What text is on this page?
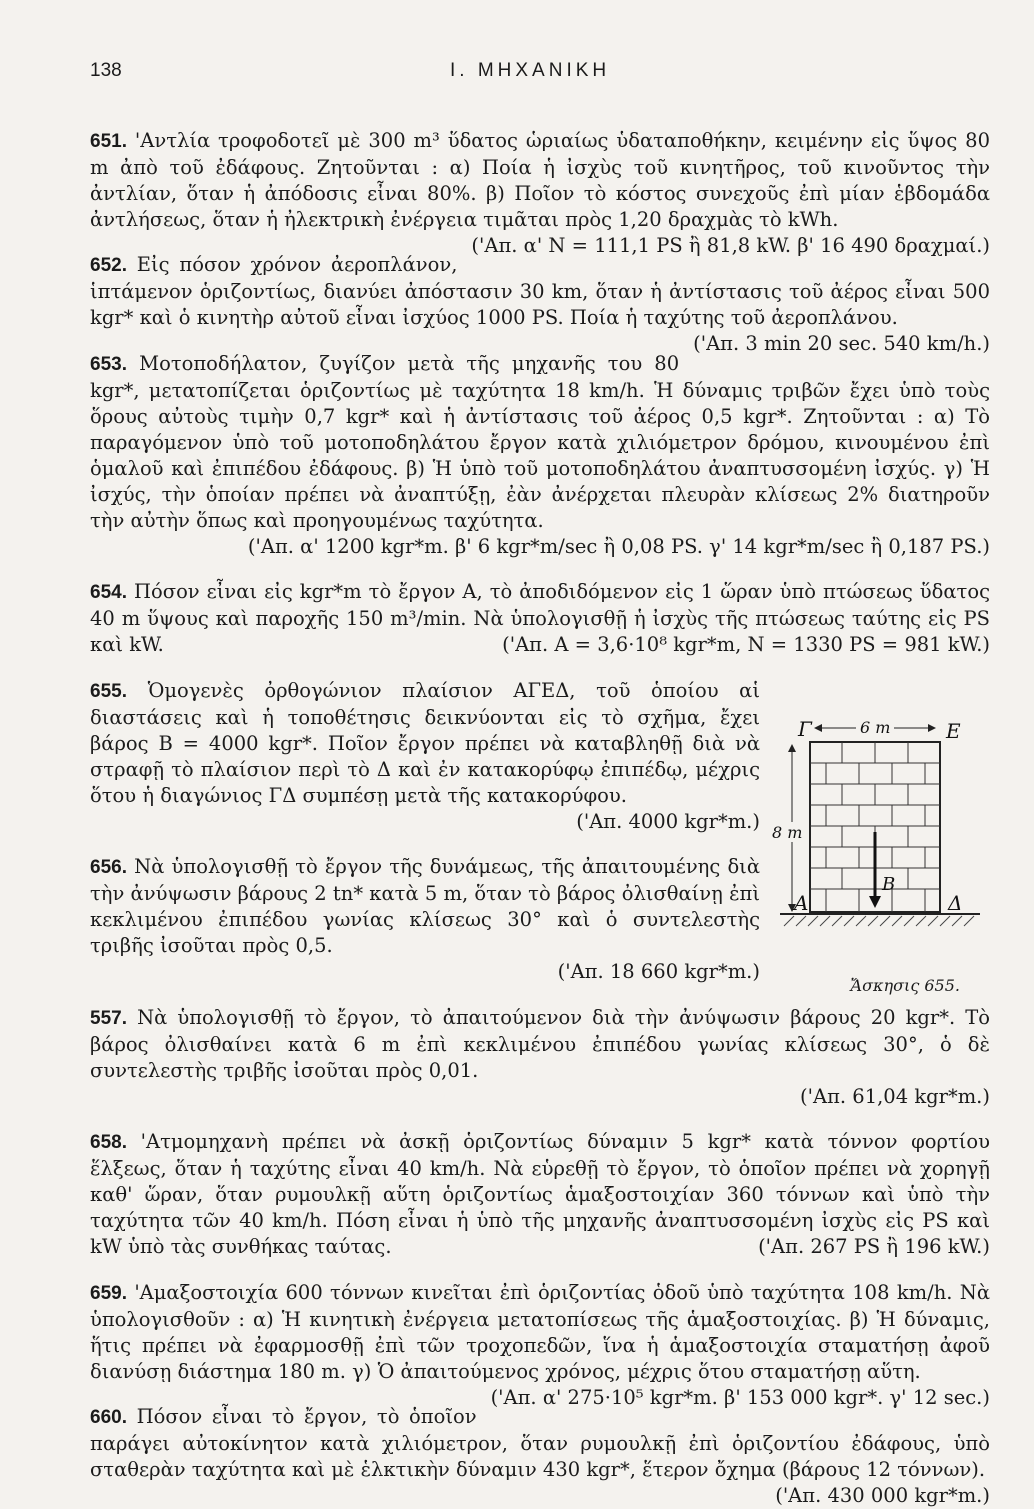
138	I. ΜΗΧΑΝΙΚΗ

651. 'Αντλία τροφοδοτεῖ μὲ 300 m³ ὕδατος ὡριαίως ὑδαταποθήκην, κειμένην εἰς ὕψος 80 m ἀπὸ τοῦ ἐδάφους. Ζητοῦνται : α) Ποία ἡ ἰσχὺς τοῦ κινητῆρος, τοῦ κινοῦντος τὴν ἀντλίαν, ὅταν ἡ ἀπόδοσις εἶναι 80%. β) Ποῖον τὸ κόστος συνεχοῦς ἐπὶ μίαν ἑβδομάδα ἀντλήσεως, ὅταν ἡ ἠλεκτρικὴ ἐνέργεια τιμᾶται πρὸς 1,20 δραχμὰς τὸ kWh.
('Απ. α' N = 111,1 PS ἢ 81,8 kW. β' 16 490 δραχμαί.)

652. Εἰς πόσον χρόνον ἀεροπλάνον, ἱπτάμενον ὁριζοντίως, διανύει ἀπόστασιν 30 km, ὅταν ἡ ἀντίστασις τοῦ ἀέρος εἶναι 500 kgr* καὶ ὁ κινητὴρ αὐτοῦ εἶναι ἰσχύος 1000 PS. Ποία ἡ ταχύτης τοῦ ἀεροπλάνου.
('Απ. 3 min 20 sec. 540 km/h.)

653. Μοτοποδήλατον, ζυγίζον μετὰ τῆς μηχανῆς του 80 kgr*, μετατοπίζεται ὁριζοντίως μὲ ταχύτητα 18 km/h. Ἡ δύναμις τριβῶν ἔχει ὑπὸ τοὺς ὅρους αὐτοὺς τιμὴν 0,7 kgr* καὶ ἡ ἀντίστασις τοῦ ἀέρος 0,5 kgr*. Ζητοῦνται : α) Τὸ παραγόμενον ὑπὸ τοῦ μοτοποδηλάτου ἔργον κατὰ χιλιόμετρον δρόμου, κινουμένου ἐπὶ ὁμαλοῦ καὶ ἐπιπέδου ἐδάφους. β) Ἡ ὑπὸ τοῦ μοτοποδηλάτου ἀναπτυσσομένη ἰσχύς. γ) Ἡ ἰσχύς, τὴν ὁποίαν πρέπει νὰ ἀναπτύξῃ, ἐὰν ἀνέρχεται πλευρὰν κλίσεως 2% διατηροῦν τὴν αὐτὴν ὅπως καὶ προηγουμένως ταχύτητα.
('Απ. α' 1200 kgr*m. β' 6 kgr*m/sec ἢ 0,08 PS. γ' 14 kgr*m/sec ἢ 0,187 PS.)

654. Πόσον εἶναι εἰς kgr*m τὸ ἔργον A, τὸ ἀποδιδόμενον εἰς 1 ὥραν ὑπὸ πτώσεως ὕδατος 40 m ὕψους καὶ παροχῆς 150 m³/min. Νὰ ὑπολογισθῇ ἡ ἰσχὺς τῆς πτώσεως ταύτης εἰς PS καὶ kW.	('Απ. A = 3,6·10⁸ kgr*m, N = 1330 PS = 981 kW.)

655. Ὁμογενὲς ὀρθογώνιον πλαίσιον ΑΓΕΔ, τοῦ ὁποίου αἱ διαστάσεις καὶ ἡ τοποθέτησις δεικνύονται εἰς τὸ σχῆμα, ἔχει βάρος B = 4000 kgr*. Ποῖον ἔργον πρέπει νὰ καταβληθῇ διὰ νὰ στραφῇ τὸ πλαίσιον περὶ τὸ Δ καὶ ἐν κατακορύφῳ ἐπιπέδῳ, μέχρις ὅτου ἡ διαγώνιος ΓΔ συμπέσῃ μετὰ τῆς κατακορύφου.
('Απ. 4000 kgr*m.)

656. Νὰ ὑπολογισθῇ τὸ ἔργον τῆς δυνάμεως, τῆς ἀπαιτουμένης διὰ τὴν ἀνύψωσιν βάρους 2 tn* κατὰ 5 m, ὅταν τὸ βάρος ὀλισθαίνῃ ἐπὶ κεκλιμένου ἐπιπέδου γωνίας κλίσεως 30° καὶ ὁ συντελεστὴς τριβῆς ἰσοῦται πρὸς 0,5.
('Απ. 18 660 kgr*m.)

Γ	Ε
Α	Δ
6 m
8 m
B
Ἄσκησις 655.

557. Νὰ ὑπολογισθῇ τὸ ἔργον, τὸ ἀπαιτούμενον διὰ τὴν ἀνύψωσιν βάρους 20 kgr*. Τὸ βάρος ὀλισθαίνει κατὰ 6 m ἐπὶ κεκλιμένου ἐπιπέδου γωνίας κλίσεως 30°, ὁ δὲ συντελεστὴς τριβῆς ἰσοῦται πρὸς 0,01.
('Απ. 61,04 kgr*m.)

658. 'Ατμομηχανὴ πρέπει νὰ ἀσκῇ ὁριζοντίως δύναμιν 5 kgr* κατὰ τόννον φορτίου ἕλξεως, ὅταν ἡ ταχύτης εἶναι 40 km/h. Νὰ εὑρεθῇ τὸ ἔργον, τὸ ὁποῖον πρέπει νὰ χορηγῇ καθ' ὥραν, ὅταν ρυμουλκῇ αὕτη ὁριζοντίως ἁμαξοστοιχίαν 360 τόννων καὶ ὑπὸ τὴν ταχύτητα τῶν 40 km/h. Πόση εἶναι ἡ ὑπὸ τῆς μηχανῆς ἀναπτυσσομένη ἰσχὺς εἰς PS καὶ kW ὑπὸ τὰς συνθήκας ταύτας.	('Απ. 267 PS ἢ 196 kW.)

659. 'Αμαξοστοιχία 600 τόννων κινεῖται ἐπὶ ὁριζοντίας ὁδοῦ ὑπὸ ταχύτητα 108 km/h. Νὰ ὑπολογισθοῦν : α) Ἡ κινητικὴ ἐνέργεια μετατοπίσεως τῆς ἁμαξοστοιχίας. β) Ἡ δύναμις, ἥτις πρέπει νὰ ἐφαρμοσθῇ ἐπὶ τῶν τροχοπεδῶν, ἵνα ἡ ἁμαξοστοιχία σταματήσῃ ἀφοῦ διανύσῃ διάστημα 180 m. γ) Ὁ ἀπαιτούμενος χρόνος, μέχρις ὅτου σταματήσῃ αὕτη.
('Απ. α' 275·10⁵ kgr*m. β' 153 000 kgr*. γ' 12 sec.)

660. Πόσον εἶναι τὸ ἔργον, τὸ ὁποῖον παράγει αὐτοκίνητον κατὰ χιλιόμετρον, ὅταν ρυμουλκῇ ἐπὶ ὁριζοντίου ἐδάφους, ὑπὸ σταθερὰν ταχύτητα καὶ μὲ ἑλκτικὴν δύναμιν 430 kgr*, ἕτερον ὄχημα (βάρους 12 τόννων).
('Απ. 430 000 kgr*m.)
